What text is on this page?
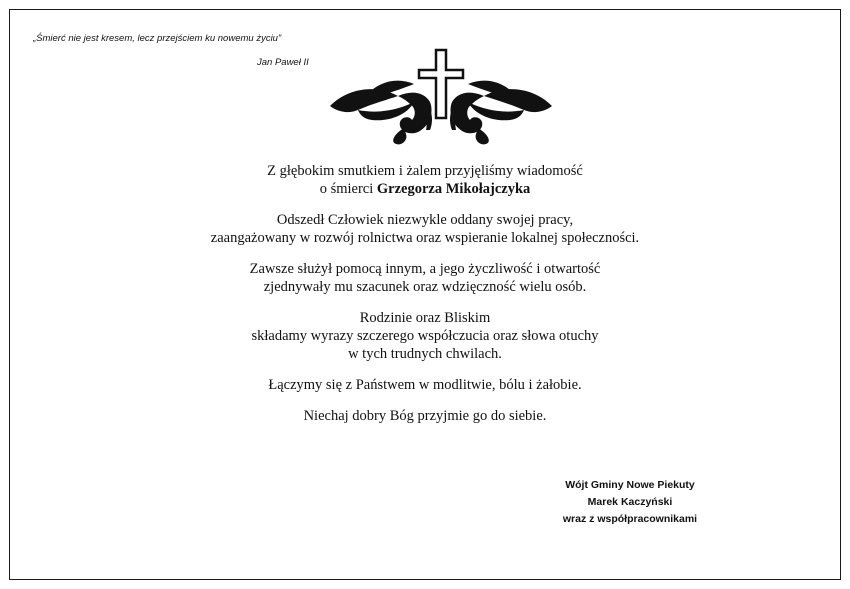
„Śmierć nie jest kresem, lecz przejściem ku nowemu życiu”
Jan Paweł II

Z głębokim smutkiem i żalem przyjęliśmy wiadomość
o śmierci Grzegorza Mikołajczyka

Odszedł Człowiek niezwykle oddany swojej pracy,
zaangażowany w rozwój rolnictwa oraz wspieranie lokalnej społeczności.

Zawsze służył pomocą innym, a jego życzliwość i otwartość
zjednywały mu szacunek oraz wdzięczność wielu osób.

Rodzinie oraz Bliskim
składamy wyrazy szczerego współczucia oraz słowa otuchy
w tych trudnych chwilach.

Łączymy się z Państwem w modlitwie, bólu i żałobie.

Niechaj dobry Bóg przyjmie go do siebie.

Wójt Gminy Nowe Piekuty
Marek Kaczyński
wraz z współpracownikami
